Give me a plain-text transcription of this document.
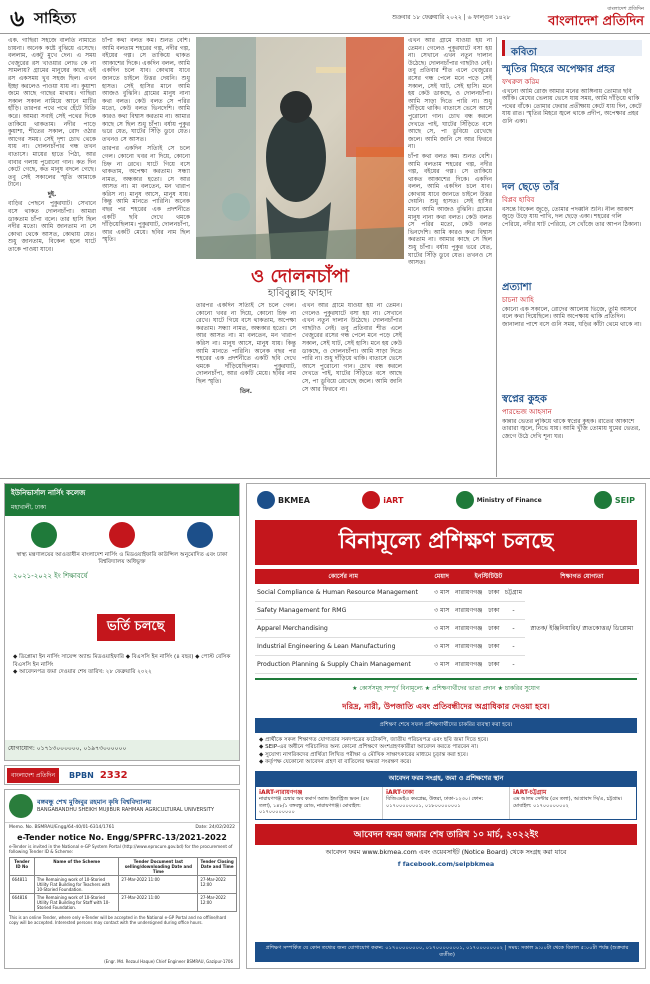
৬ সাহিত্য	শুক্রবার ১৮ ফেব্রুয়ারি ২০২২ | ৬ ফাল্গুন ১৪২৮
বাংলাদেশ প্রতিদিন
বাংলাদেশ প্রতিদিন

এক. গাছিরা সহজে বালতি নামাতে চায়না। অনেক কষ্টে বুঝিয়ে এসেছে। বললাম, একটু মুখে দেন। এ সময় খেজুরের রস খাওয়ার লোভ কে না সামলায়? গ্রামের মানুষের কাছে এই রস একসময় খুব সহজ ছিল। এখন ইচ্ছা করলেও পাওয়া যায় না। কুয়াশা জমে আছে গাছের মাথায়। গাছিরা সকাল সকাল নামিয়ে আনে মাটির হাঁড়ি। তারপর পথে পথে হেঁটে বিক্রি করে। আমরা সবাই সেই পথের দিকে তাকিয়ে থাকতাম। নদীর পাড়ে কুয়াশা, শীতের সকাল, রোদ ওঠার আগের সময়। সেই দৃশ্য চোখ থেকে যায় না। দোলনচাঁপার গন্ধ তখন বাতাসে। মায়ের হাতে পিঠা, আর বাবার গলায় পুরোনো গান। কত দিন কেটে গেছে, কত মানুষ বদলে গেছে। তবু সেই সকালের স্মৃতি আমাকে টানে।

দুই.

বাড়ির পেছনে পুকুরঘাট। সেখানে বসে থাকত দোলনচাঁপা। আমরা ডাকতাম চাঁপা বলে। তার হাসি ছিল নদীর মতো। আমি জানতাম না সে কোথা থেকে আসত, কোথায় যেত। শুধু জানতাম, বিকেল হলে ঘাটে তাকে পাওয়া যাবে।

চাঁপা কথা বলত কম। শুনত বেশি। আমি বলতাম শহরের গল্প, নদীর গল্প, বইয়ের গল্প। সে তাকিয়ে থাকত আকাশের দিকে। একদিন বলল, আমি একদিন চলে যাব। কোথায় যাবে জানতে চাইলে উত্তর দেয়নি। শুধু হাসত। সেই হাসির মানে আমি আজও বুঝিনি। গ্রামের মানুষ নানা কথা বলত। কেউ বলত সে পরির মতো, কেউ বলত ভিনদেশি। আমি কারও কথা বিশ্বাস করতাম না। আমার কাছে সে ছিল শুধু চাঁপা। বর্ষায় পুকুর ভরে যেত, ঘাটের সিঁড়ি ডুবে যেত। তখনও সে আসত।

তারপর একদিন সত্যিই সে চলে গেল। কোনো খবর না দিয়ে, কোনো চিহ্ন না রেখে। ঘাটে গিয়ে বসে থাকতাম, অপেক্ষা করতাম। সন্ধ্যা নামত, অন্ধকার হতো। সে আর আসত না। মা বলতেন, মন খারাপ করিস না। মানুষ আসে, মানুষ যায়। কিন্তু আমি মানতে পারিনি। অনেক বছর পর শহরের এক প্রদর্শনীতে একটি ছবি দেখে থমকে দাঁড়িয়েছিলাম। পুকুরঘাট, দোলনচাঁপা, আর একটি মেয়ে। ছবির নাম ছিল স্মৃতি।

ও দোলনচাঁপা
হাবিবুল্লাহ ফাহাদ

তারপর একদিন সত্যিই সে চলে গেল। কোনো খবর না দিয়ে, কোনো চিহ্ন না রেখে। ঘাটে গিয়ে বসে থাকতাম, অপেক্ষা করতাম। সন্ধ্যা নামত, অন্ধকার হতো। সে আর আসত না। মা বলতেন, মন খারাপ করিস না। মানুষ আসে, মানুষ যায়। কিন্তু আমি মানতে পারিনি। অনেক বছর পর শহরের এক প্রদর্শনীতে একটি ছবি দেখে থমকে দাঁড়িয়েছিলাম। পুকুরঘাট, দোলনচাঁপা, আর একটি মেয়ে। ছবির নাম ছিল স্মৃতি।

তিন.

এখন আর গ্রামে যাওয়া হয় না তেমন। গেলেও পুকুরঘাটে বসা হয় না। সেখানে এখন নতুন দালান উঠেছে। দোলনচাঁপার গাছটাও নেই। তবু প্রতিবার শীত এলে খেজুরের রসের গন্ধ পেলে মনে পড়ে সেই সকাল, সেই ঘাট, সেই হাসি। মনে হয় কেউ ডাকছে, ও দোলনচাঁপা। আমি সাড়া দিতে পারি না। শুধু দাঁড়িয়ে থাকি। বাতাসে ভেসে আসে পুরোনো গান। চোখ বন্ধ করলে দেখতে পাই, ঘাটের সিঁড়িতে বসে আছে সে, পা ডুবিয়ে রেখেছে জলে। আমি জানি সে আর ফিরবে না।

এখন আর গ্রামে যাওয়া হয় না তেমন। গেলেও পুকুরঘাটে বসা হয় না। সেখানে এখন নতুন দালান উঠেছে। দোলনচাঁপার গাছটাও নেই। তবু প্রতিবার শীত এলে খেজুরের রসের গন্ধ পেলে মনে পড়ে সেই সকাল, সেই ঘাট, সেই হাসি। মনে হয় কেউ ডাকছে, ও দোলনচাঁপা। আমি সাড়া দিতে পারি না। শুধু দাঁড়িয়ে থাকি। বাতাসে ভেসে আসে পুরোনো গান। চোখ বন্ধ করলে দেখতে পাই, ঘাটের সিঁড়িতে বসে আছে সে, পা ডুবিয়ে রেখেছে জলে। আমি জানি সে আর ফিরবে না।

চাঁপা কথা বলত কম। শুনত বেশি। আমি বলতাম শহরের গল্প, নদীর গল্প, বইয়ের গল্প। সে তাকিয়ে থাকত আকাশের দিকে। একদিন বলল, আমি একদিন চলে যাব। কোথায় যাবে জানতে চাইলে উত্তর দেয়নি। শুধু হাসত। সেই হাসির মানে আমি আজও বুঝিনি। গ্রামের মানুষ নানা কথা বলত। কেউ বলত সে পরির মতো, কেউ বলত ভিনদেশি। আমি কারও কথা বিশ্বাস করতাম না। আমার কাছে সে ছিল শুধু চাঁপা। বর্ষায় পুকুর ভরে যেত, ঘাটের সিঁড়ি ডুবে যেত। তখনও সে আসত।

কবিতা
স্মৃতির মিহরে অপেক্ষার প্রহর
ফখরুল করিম
এখনো আমি রোজ আমার মনের আঙ্গিনায় তোমার ছবি আঁকি। মেঘের ভেলায় ভেসে যায় সময়, আমি দাঁড়িয়ে থাকি পথের বাঁকে। তোমার ফেরার প্রতীক্ষায় কেটে যায় দিন, কেটে যায় রাত। স্মৃতির মিহরে জ্বলে থাকে প্রদীপ, অপেক্ষার প্রহর গুনি একা।
দল ছেড়ে তাঁর
বিপ্লব হাবিব
বসন্তে বিকেল জুড়ে, তোমার পদধ্বনি শুনি। নীল আকাশ জুড়ে উড়ে যায় পাখি, দল ছেড়ে একা। শহরের গলি পেরিয়ে, নদীর ঘাট পেরিয়ে, সে খোঁজে তার আপন ঠিকানা।
প্রত্যাশা
চাচনা আহি
কোনো এক সকালে, রোদের আলোয় ভিজে, তুমি আসবে বলে কথা দিয়েছিলে। আমি অপেক্ষায় থাকি প্রতিদিন। জানালার পাশে বসে গুনি সময়, ঘড়ির কাঁটা থেমে থাকে না।
স্বপ্নের কুহক
পারভেজ আহসান
কান্নার ভেতর লুকিয়ে থাকে স্বপ্নের কুহক। রাতের আকাশে তারারা জ্বলে, নিভে যায়। আমি খুঁজি তোমায় ঘুমের ভেতর, জেগে উঠে দেখি শূন্য ঘর।
ইউনিভার্সাল নার্সিং কলেজ
মহাখালী, ঢাকা
স্বাস্থ্য মন্ত্রণালয়ের আওতাধীন বাংলাদেশ নার্সিং ও মিডওয়াইফারি কাউন্সিল অনুমোদিত এবং ঢাকা বিশ্ববিদ্যালয় অধিভুক্ত
২০২১-২০২২ ইং শিক্ষাবর্ষে
ভর্তি চলছে
◆ ডিপ্লোমা ইন নার্সিং সায়েন্স অ্যান্ড মিডওয়াইফারি ◆ বিএসসি ইন নার্সিং (৪ বছর) ◆ পোস্ট বেসিক বিএসসি ইন নার্সিং
◆ আবেদনপত্র জমা দেওয়ার শেষ তারিখ: ২৮ ফেব্রুয়ারি ২০২২
যোগাযোগ: ০১৭১৩০০০০০০, ০১৯৭৩০০০০০০
বাংলাদেশ প্রতিদিন	BPBN 2332
বঙ্গবন্ধু শেখ মুজিবুর রহমান কৃষি বিশ্ববিদ্যালয়
BANGABANDHU SHEIKH MUJIBUR RAHMAN AGRICULTURAL UNIVERSITY
Memo. No. BSMRAU/Engg/64-40/01-6314/1761	Date: 24/02/2022
e-Tender notice No. Engg/SPFRC-13/2021-2022
e-Tender is invited in the National e-GP System Portal (http://www.eprocure.gov.bd) for the procurement of following Tender ID & Scheme:
Tender ID No	Name of the Scheme	Tender Document last selling/downloading Date and Time	Tender Closing Date and Time
664811	The Remaining work of 10-Storied Utility Flat Building for Teachers with 10-Storied Foundation.	27-Mar-2022 11:00	27-Mar-2022 12:00
664816	The Remaining work of 10-Storied Utility Flat Building for Staff with 10-Storied Foundation.	27-Mar-2022 11:00	27-Mar-2022 12:00
This is an online Tender, where only e-Tender will be accepted in the National e-GP Portal and no offline/hard copy will be accepted. Interested persons may contact with the undersigned during office hours.
(Engr. Md. Rezaul Haque) Chief Engineer BSMRAU, Gazipur-1706
BKMEA	iART	Ministry of Finance	SEIP
বিনামূল্যে প্রশিক্ষণ চলছে
কোর্সের নাম	মেয়াদ	ইনস্টিটিউট			শিক্ষাগত যোগ্যতা
Social Compliance & Human Resource Management	৩ মাস	নারায়ণগঞ্জ	ঢাকা	চট্টগ্রাম	স্নাতক/ ইঞ্জিনিয়ারিং/ স্নাতকোত্তর/ ডিপ্লোমা
Safety Management for RMG	৩ মাস	নারায়ণগঞ্জ	ঢাকা	-	
Apparel Merchandising	৩ মাস	নারায়ণগঞ্জ	ঢাকা	-	
Industrial Engineering & Lean Manufacturing	৩ মাস	নারায়ণগঞ্জ	ঢাকা	-	
Production Planning & Supply Chain Management	৩ মাস	নারায়ণগঞ্জ	ঢাকা	-	
★ কোর্সসমূহ সম্পূর্ণ বিনামূল্যে ★ প্রশিক্ষণার্থীদের ভাতা প্রদান ★ চাকরির সুযোগ
দরিদ্র, নারী, উপজাতি এবং প্রতিবন্ধীদের অগ্রাধিকার দেওয়া হবে।
প্রশিক্ষণ শেষে সফল প্রশিক্ষণার্থীদের চাকরির ব্যবস্থা করা হবে।
◆ প্রার্থীকে সকল শিক্ষাগত যোগ্যতার সনদপত্রের ফটোকপি, জাতীয় পরিচয়পত্র এবং ছবি জমা দিতে হবে।
◆ SEIP-এর অধীনে পরিচালিত অন্য কোনো প্রশিক্ষণে অংশগ্রহণকারীরা আবেদন করতে পারবেন না।
◆ সুযোগ্য নাগরিকদের প্রার্থিতা লিখিত পরীক্ষা ও মৌখিক সাক্ষাৎকারের মাধ্যমে চূড়ান্ত করা হবে।
◆ কর্তৃপক্ষ যেকোনো আবেদন গ্রহণ বা বাতিলের ক্ষমতা সংরক্ষণ করে।
আবেদন ফরম সংগ্রহ, জমা ও প্রশিক্ষণের স্থান
iART-নারায়ণগঞ্জ
নারায়ণগঞ্জ চেম্বার অব কমার্স অ্যান্ড ইন্ডাস্ট্রিজ ভবন (৫ম তলা), ১৪৮/১ বঙ্গবন্ধু রোড, নারায়ণগঞ্জ। মোবাইল: ০১৭০০০০০০০০
iART-ঢাকা
বিজিএমইএ কমপ্লেক্স, উত্তরা, ঢাকা-১২৩০। ফোন: ০১৭০০০০০০০১, ০১৮০০০০০০০১
iART-চট্টগ্রাম
এম আলম সেন্টার (৫ম তলা), আগ্রাবাদ সি/এ, চট্টগ্রাম। মোবাইল: ০১৭০০০০০০০২
আবেদন ফরম জমার শেষ তারিখ ১০ মার্চ, ২০২২ইং
আবেদন ফরম www.bkmea.com এবং ওয়েবসাইট (Notice Board) থেকে সংগ্রহ করা যাবে
f facebook.com/seipbkmea
প্রশিক্ষণ সম্পর্কিত যে কোন তথ্যের জন্য যোগাযোগ করুন: ০১৭০০০০০০০০, ০১৭০০০০০০০১, ০১৭০০০০০০০২ | সময়: সকাল ৯:০০টা থেকে বিকাল ৫:০০টা পর্যন্ত (শুক্রবার ব্যতীত)
